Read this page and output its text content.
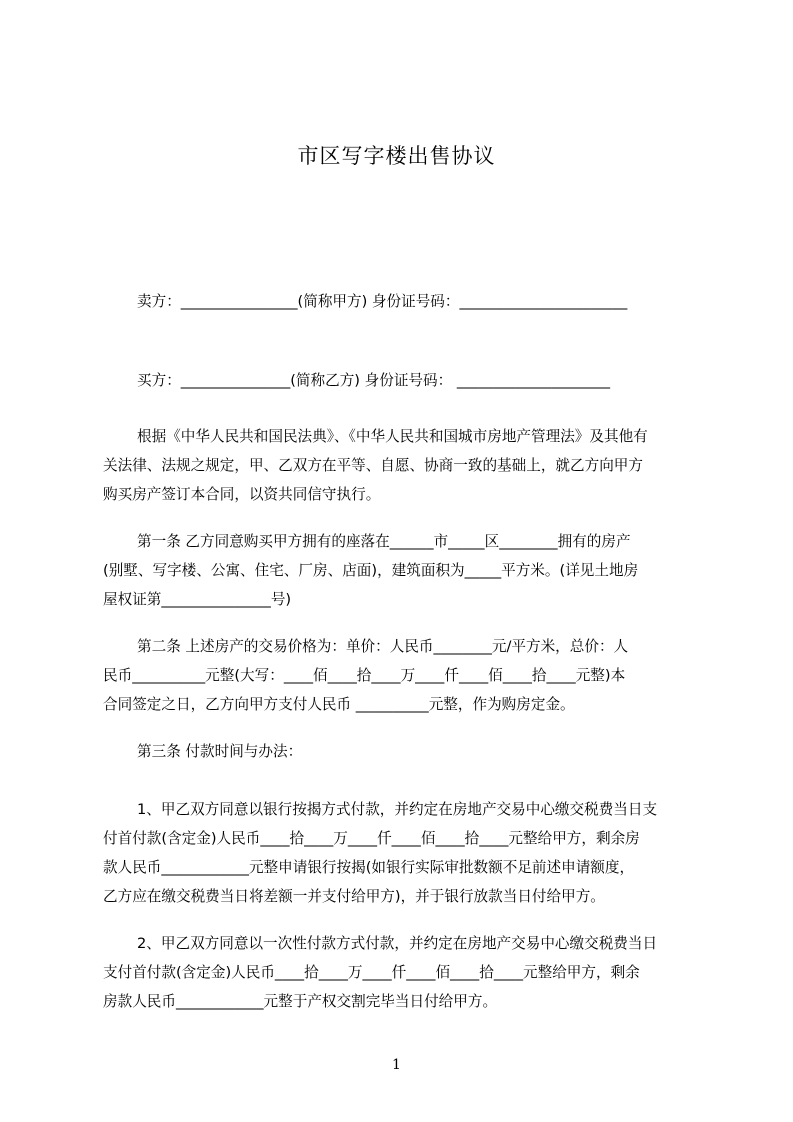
市区写字楼出售协议
卖方：________________(简称甲方) 身份证号码：_______________________
买方：_______________(简称乙方) 身份证号码： _____________________
根据《中华人民共和国民法典》、《中华人民共和国城市房地产管理法》及其他有
关法律、法规之规定，甲、乙双方在平等、自愿、协商一致的基础上，就乙方向甲方
购买房产签订本合同，以资共同信守执行。
第一条 乙方同意购买甲方拥有的座落在______市_____区________拥有的房产
(别墅、写字楼、公寓、住宅、厂房、店面)，建筑面积为_____平方米。(详见土地房
屋权证第_______________号)
第二条 上述房产的交易价格为：单价：人民币________元/平方米，总价：人
民币__________元整(大写：____佰____拾____万____仟____佰____拾____元整)本
合同签定之日，乙方向甲方支付人民币 __________元整，作为购房定金。
第三条 付款时间与办法：
1、甲乙双方同意以银行按揭方式付款，并约定在房地产交易中心缴交税费当日支
付首付款(含定金)人民币____拾____万____仟____佰____拾____元整给甲方，剩余房
款人民币____________元整申请银行按揭(如银行实际审批数额不足前述申请额度，
乙方应在缴交税费当日将差额一并支付给甲方)，并于银行放款当日付给甲方。
2、甲乙双方同意以一次性付款方式付款，并约定在房地产交易中心缴交税费当日
支付首付款(含定金)人民币____拾____万____仟____佰____拾____元整给甲方，剩余
房款人民币____________元整于产权交割完毕当日付给甲方。
1
